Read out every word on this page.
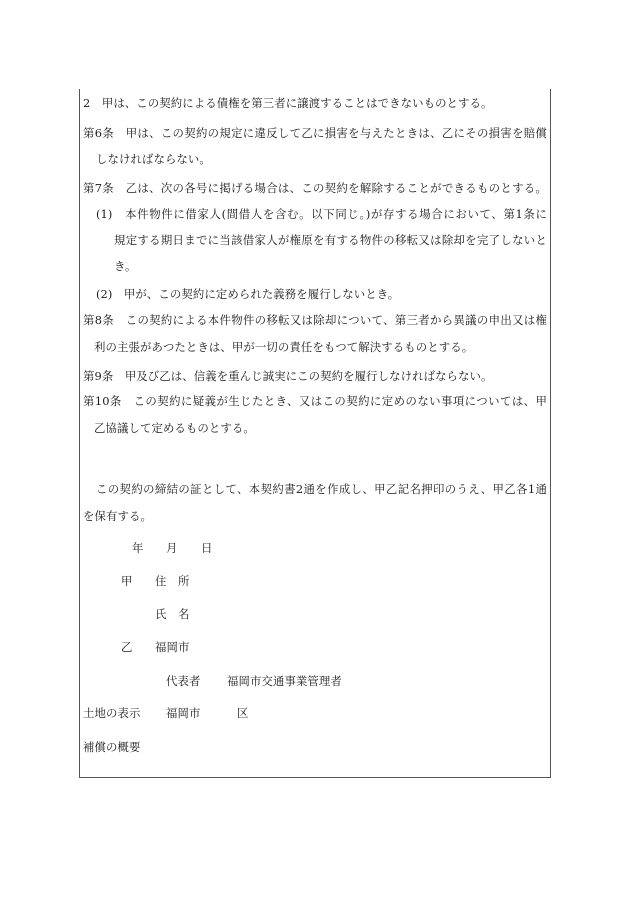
2　甲は、この契約による債権を第三者に譲渡することはできないものとする。
第6条　甲は、この契約の規定に違反して乙に損害を与えたときは、乙にその損害を賠償
しなければならない。
第7条　乙は、次の各号に掲げる場合は、この契約を解除することができるものとする。
(1)　本件物件に借家人(間借人を含む。以下同じ。)が存する場合において、第1条に
規定する期日までに当該借家人が権原を有する物件の移転又は除却を完了しないと
き。
(2)　甲が、この契約に定められた義務を履行しないとき。
第8条　この契約による本件物件の移転又は除却について、第三者から異議の申出又は権
利の主張があつたときは、甲が一切の責任をもつて解決するものとする。
第9条　甲及び乙は、信義を重んじ誠実にこの契約を履行しなければならない。
第10条　この契約に疑義が生じたとき、又はこの契約に定めのない事項については、甲
乙協議して定めるものとする。
この契約の締結の証として、本契約書2通を作成し、甲乙記名押印のうえ、甲乙各1通
を保有する。
年 月 日
甲 住　所
氏　名
乙 福岡市
代表者 福岡市交通事業管理者
土地の表示 福岡市	区
補償の概要
